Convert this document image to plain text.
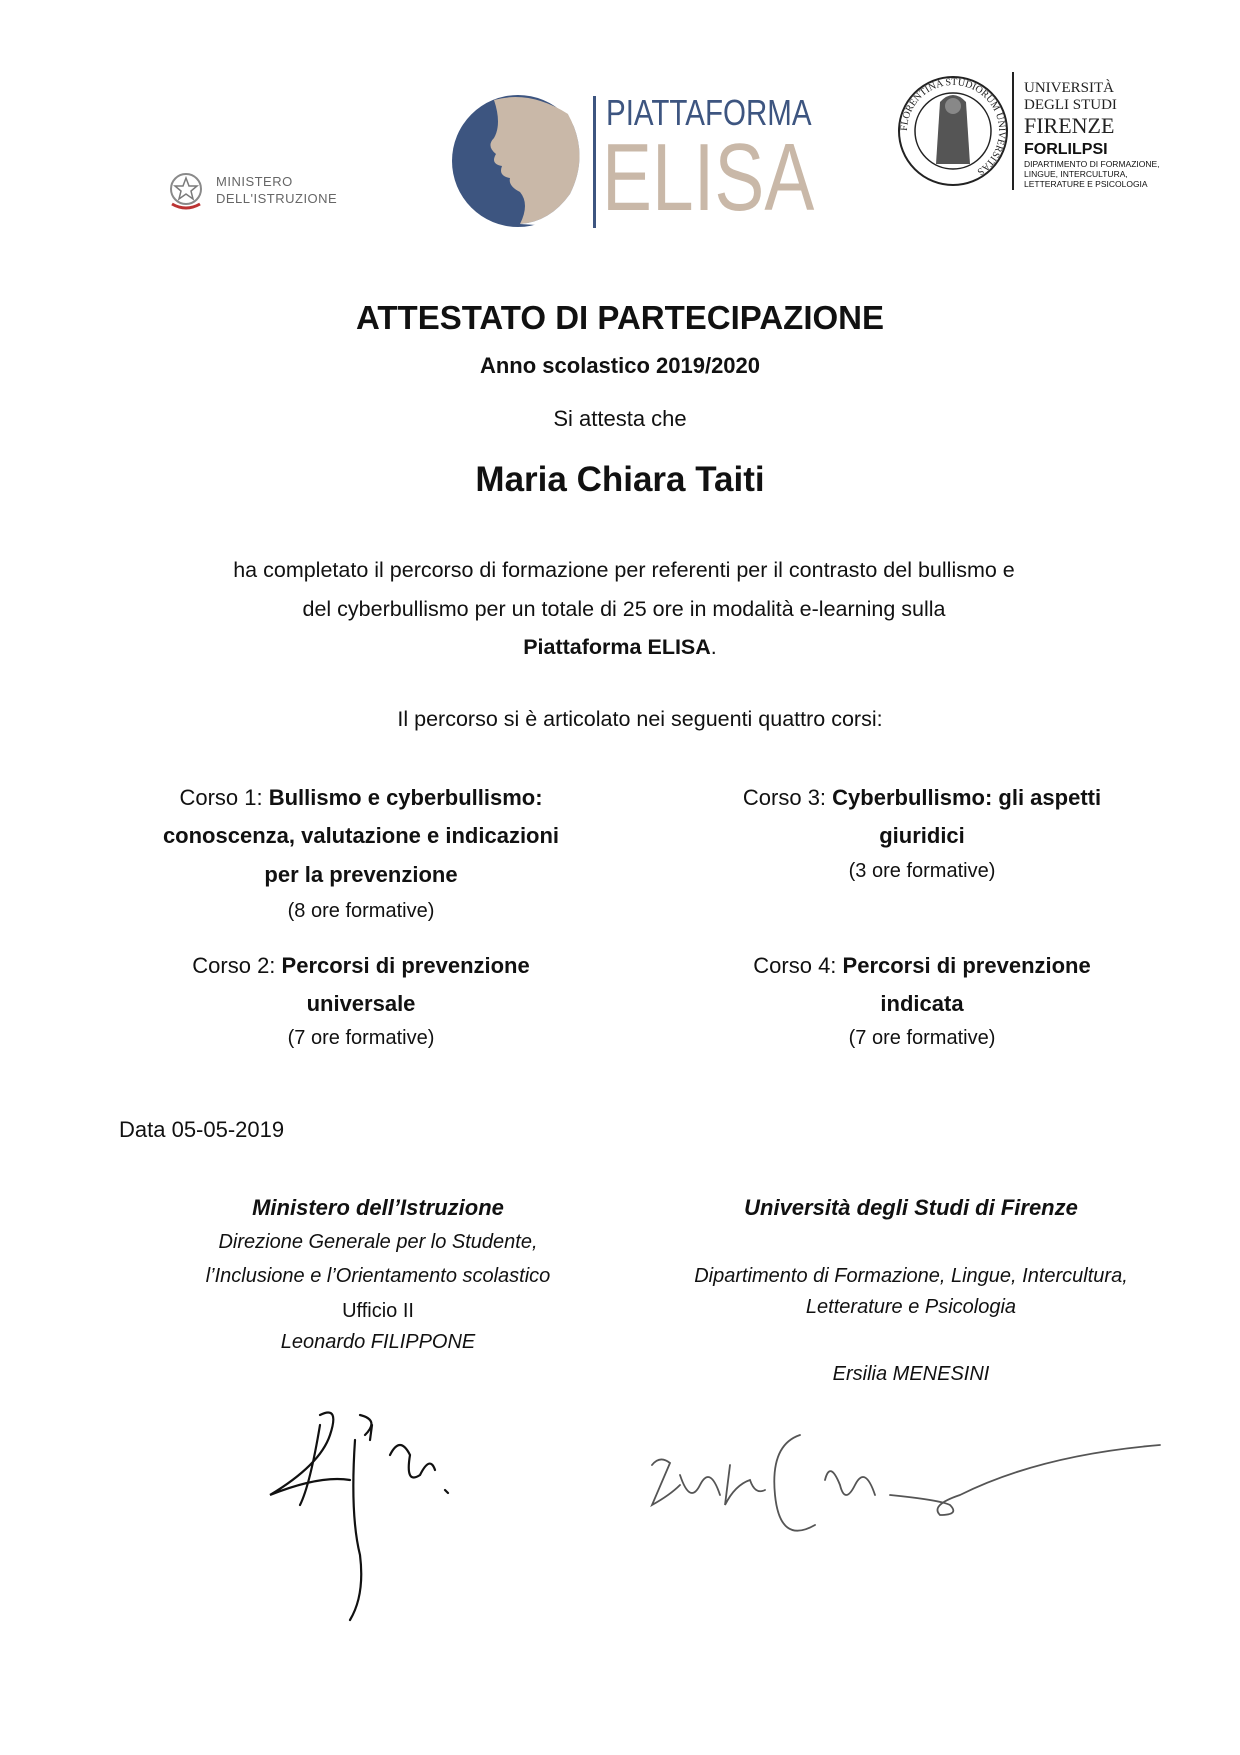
MINISTERO
DELL'ISTRUZIONE
PIATTAFORMA
ELISA	FLORENTINA STUDIORUM UNIVERSITAS
UNIVERSITÀ
DEGLI STUDI
FIRENZE
FORLILPSI
DIPARTIMENTO DI FORMAZIONE,
LINGUE, INTERCULTURA,
LETTERATURE E PSICOLOGIA
ATTESTATO DI PARTECIPAZIONE
Anno scolastico 2019/2020
Si attesta che
Maria Chiara Taiti
ha completato il percorso di formazione per referenti per il contrasto del bullismo e
del cyberbullismo per un totale di 25 ore in modalità e-learning sulla
Piattaforma ELISA.
Il percorso si è articolato nei seguenti quattro corsi:
Corso 1: Bullismo e cyberbullismo:
conoscenza, valutazione e indicazioni
per la prevenzione
(8 ore formative)
Corso 2: Percorsi di prevenzione
universale
(7 ore formative)
Corso 3: Cyberbullismo: gli aspetti
giuridici
(3 ore formative)
Corso 4: Percorsi di prevenzione
indicata
(7 ore formative)
Data 05-05-2019
Ministero dell’Istruzione
Direzione Generale per lo Studente,
l’Inclusione e l’Orientamento scolastico
Ufficio II
Leonardo FILIPPONE
Università degli Studi di Firenze
Dipartimento di Formazione, Lingue, Intercultura,
Letterature e Psicologia
Ersilia MENESINI
